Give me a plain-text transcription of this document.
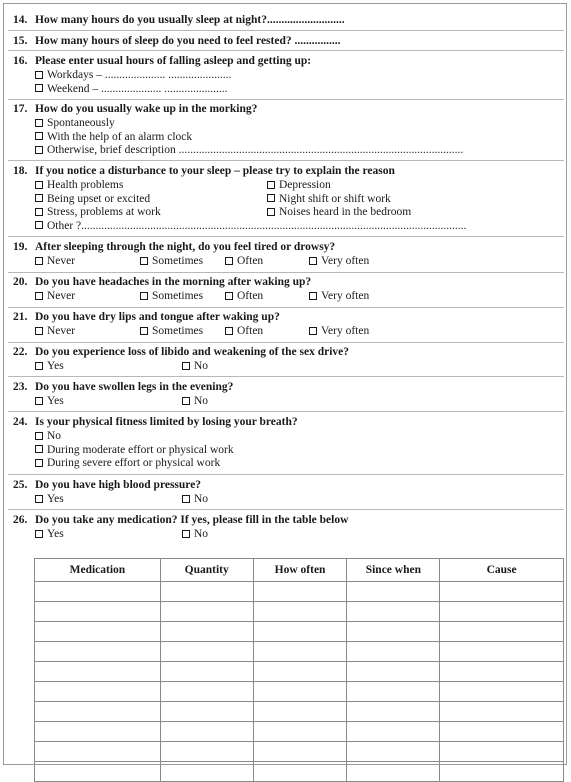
14. How many hours do you usually sleep at night?...........................
15. How many hours of sleep do you need to feel rested? ................
16. Please enter usual hours of falling asleep and getting up:
Workdays – ..................... ......................
Weekend – ..................... ......................
17. How do you usually wake up in the morking?
Spontaneously
With the help of an alarm clock
Otherwise, brief description ...................................................................................................
18. If you notice a disturbance to your sleep – please try to explain the reason
Health problems	Depression
Being upset or excited	Night shift or shift work
Stress, problems at work	Noises heard in the bedroom
Other ?......................................................................................................................................
19. After sleeping through the night, do you feel tired or drowsy?
Never	Sometimes	Often	Very often
20. Do you have headaches in the morning after waking up?
Never	Sometimes	Often	Very often
21. Do you have dry lips and tongue after waking up?
Never	Sometimes	Often	Very often
22. Do you experience loss of libido and weakening of the sex drive?
Yes	No
23. Do you have swollen legs in the evening?
Yes	No
24. Is your physical fitness limited by losing your breath?
No
During moderate effort or physical work
During severe effort or physical work
25. Do you have high blood pressure?
Yes	No
26. Do you take any medication? If yes, please fill in the table below
Yes	No
Medication	Quantity	How often	Since when	Cause
